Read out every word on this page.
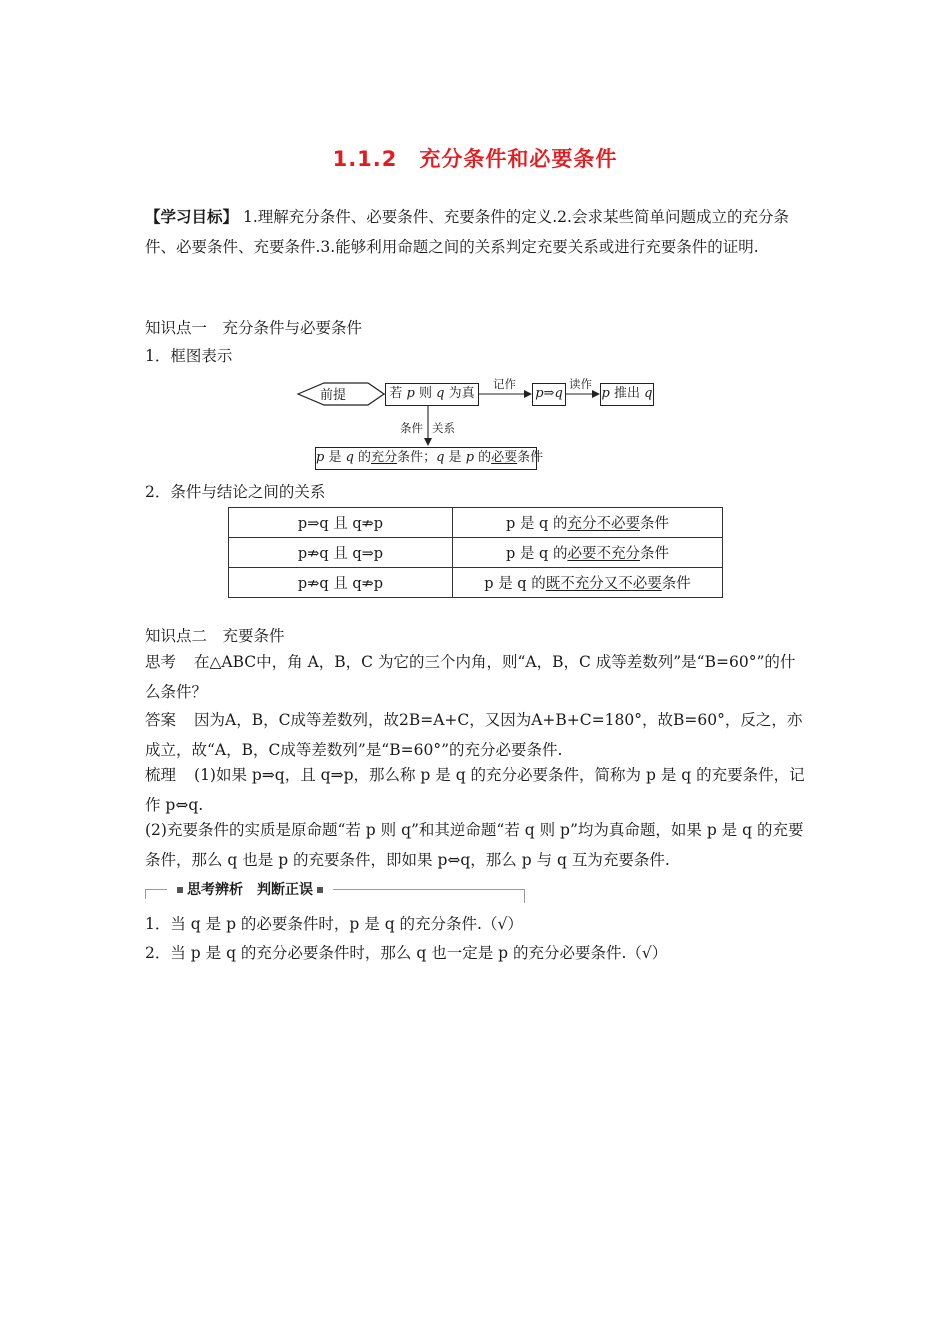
1.1.2　充分条件和必要条件
【学习目标】 1.理解充分条件、必要条件、充要条件的定义.2.会求某些简单问题成立的充分条件、必要条件、充要条件.3.能够利用命题之间的关系判定充要关系或进行充要条件的证明.
知识点一　充分条件与必要条件
1．框图表示
前提	若 p 则 q 为真
记作
p⇒q
读作
p 推出 q
条件 关系
p 是 q 的充分条件；q 是 p 的必要条件
2．条件与结论之间的关系
p⇒q 且 q⇏p	p 是 q 的充分不必要条件
p⇏q 且 q⇒p	p 是 q 的必要不充分条件
p⇏q 且 q⇏p	p 是 q 的既不充分又不必要条件
知识点二　充要条件
思考 在△ABC中，角 A，B，C 为它的三个内角，则“A，B，C 成等差数列”是“B=60°”的什么条件？
答案 因为A，B，C成等差数列，故2B=A+C，又因为A+B+C=180°，故B=60°，反之，亦成立，故“A，B，C成等差数列”是“B=60°”的充分必要条件.
梳理 (1)如果 p⇒q，且 q⇒p，那么称 p 是 q 的充分必要条件，简称为 p 是 q 的充要条件，记作 p⇔q.
(2)充要条件的实质是原命题“若 p 则 q”和其逆命题“若 q 则 p”均为真命题，如果 p 是 q 的充要条件，那么 q 也是 p 的充要条件，即如果 p⇔q，那么 p 与 q 互为充要条件.
思考辨析　 判断正误
1．当 q 是 p 的必要条件时，p 是 q 的充分条件.（√）
2．当 p 是 q 的充分必要条件时，那么 q 也一定是 p 的充分必要条件.（√）
